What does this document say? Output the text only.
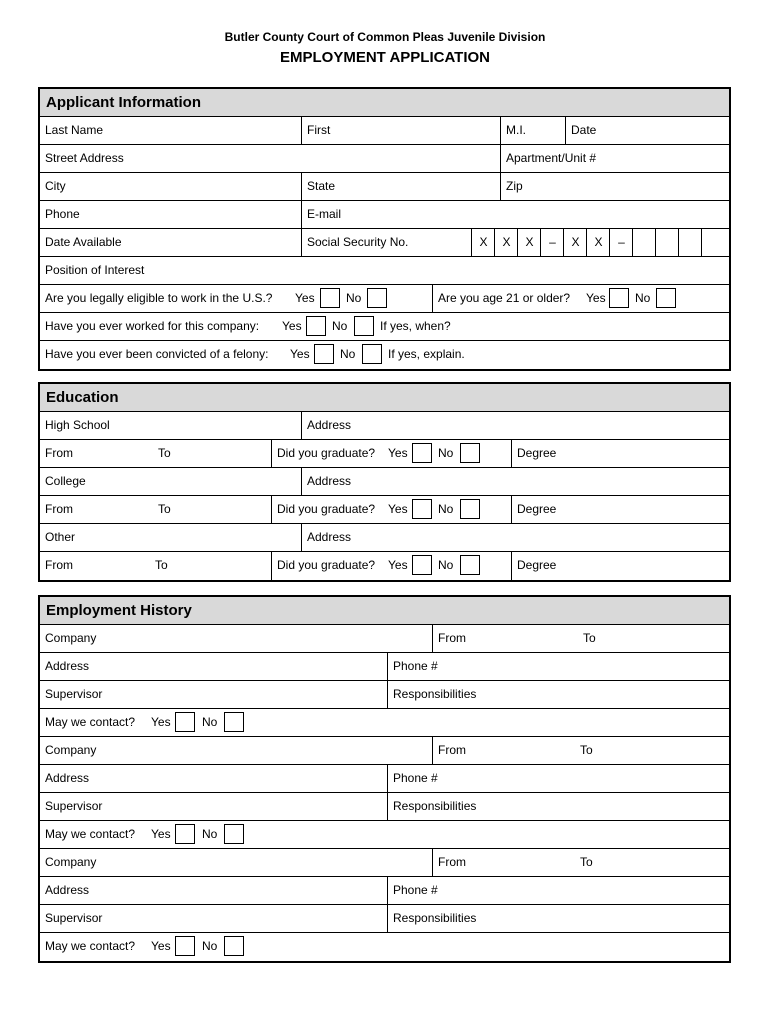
Butler County Court of Common Pleas Juvenile Division
EMPLOYMENT APPLICATION
Applicant Information
Last Name	First	M.I.	Date
Street Address	Apartment/Unit #
City	State	Zip
Phone	E-mail
Date Available	Social Security No.	X	X	X	–	X	X	–
Position of Interest
Are you legally eligible to work in the U.S.? Yes	No	Are you age 21 or older?	Yes No
Have you ever worked for this company: Yes	No	If yes, when?
Have you ever been convicted of a felony: Yes	No	If yes, explain.
Education
High School	Address
From	To	Did you graduate?	Yes	No	Degree
College	Address
From	To	Did you graduate?	Yes	No	Degree
Other	Address
From	To	Did you graduate?	Yes	No	Degree
Employment History
Company	From	To
Address	Phone #
Supervisor	Responsibilities
May we contact? Yes	No
Company	From	To
Address	Phone #
Supervisor	Responsibilities
May we contact? Yes	No
Company	From	To
Address	Phone #
Supervisor	Responsibilities
May we contact? Yes	No
